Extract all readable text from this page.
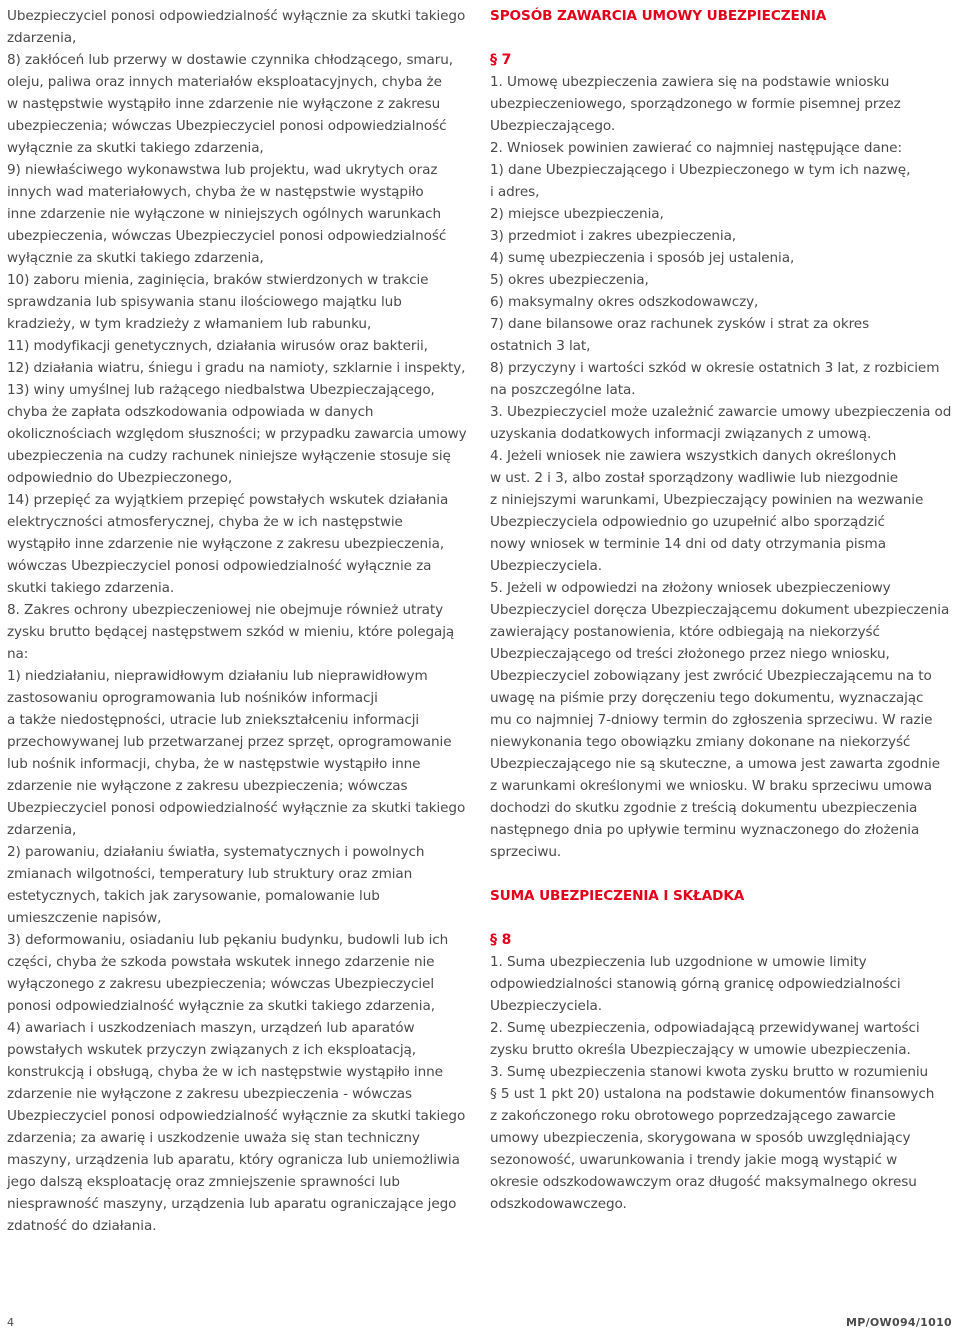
Ubezpieczyciel ponosi odpowiedzialność wyłącznie za skutki takiego

zdarzenia,

8) zakłóceń lub przerwy w dostawie czynnika chłodzącego, smaru,

oleju, paliwa oraz innych materiałów eksploatacyjnych, chyba że

w następstwie wystąpiło inne zdarzenie nie wyłączone z zakresu

ubezpieczenia; wówczas Ubezpieczyciel ponosi odpowiedzialność

wyłącznie za skutki takiego zdarzenia,

9) niewłaściwego wykonawstwa lub projektu, wad ukrytych oraz

innych wad materiałowych, chyba że w następstwie wystąpiło

inne zdarzenie nie wyłączone w niniejszych ogólnych warunkach

ubezpieczenia, wówczas Ubezpieczyciel ponosi odpowiedzialność

wyłącznie za skutki takiego zdarzenia,

10) zaboru mienia, zaginięcia, braków stwierdzonych w trakcie

sprawdzania lub spisywania stanu ilościowego majątku lub

kradzieży, w tym kradzieży z włamaniem lub rabunku,

11) modyfikacji genetycznych, działania wirusów oraz bakterii,

12) działania wiatru, śniegu i gradu na namioty, szklarnie i inspekty,

13) winy umyślnej lub rażącego niedbalstwa Ubezpieczającego,

chyba że zapłata odszkodowania odpowiada w danych

okolicznościach względom słuszności; w przypadku zawarcia umowy

ubezpieczenia na cudzy rachunek niniejsze wyłączenie stosuje się

odpowiednio do Ubezpieczonego,

14) przepięć za wyjątkiem przepięć powstałych wskutek działania

elektryczności atmosferycznej, chyba że w ich następstwie

wystąpiło inne zdarzenie nie wyłączone z zakresu ubezpieczenia,

wówczas Ubezpieczyciel ponosi odpowiedzialność wyłącznie za

skutki takiego zdarzenia.

8. Zakres ochrony ubezpieczeniowej nie obejmuje również utraty

zysku brutto będącej następstwem szkód w mieniu, które polegają

na:

1) niedziałaniu, nieprawidłowym działaniu lub nieprawidłowym

zastosowaniu oprogramowania lub nośników informacji

a także niedostępności, utracie lub zniekształceniu informacji

przechowywanej lub przetwarzanej przez sprzęt, oprogramowanie

lub nośnik informacji, chyba, że w następstwie wystąpiło inne

zdarzenie nie wyłączone z zakresu ubezpieczenia; wówczas

Ubezpieczyciel ponosi odpowiedzialność wyłącznie za skutki takiego

zdarzenia,

2) parowaniu, działaniu światła, systematycznych i powolnych

zmianach wilgotności, temperatury lub struktury oraz zmian

estetycznych, takich jak zarysowanie, pomalowanie lub

umieszczenie napisów,

3) deformowaniu, osiadaniu lub pękaniu budynku, budowli lub ich

części, chyba że szkoda powstała wskutek innego zdarzenie nie

wyłączonego z zakresu ubezpieczenia; wówczas Ubezpieczyciel

ponosi odpowiedzialność wyłącznie za skutki takiego zdarzenia,

4) awariach i uszkodzeniach maszyn, urządzeń lub aparatów

powstałych wskutek przyczyn związanych z ich eksploatacją,

konstrukcją i obsługą, chyba że w ich następstwie wystąpiło inne

zdarzenie nie wyłączone z zakresu ubezpieczenia - wówczas

Ubezpieczyciel ponosi odpowiedzialność wyłącznie za skutki takiego

zdarzenia; za awarię i uszkodzenie uważa się stan techniczny

maszyny, urządzenia lub aparatu, który ogranicza lub uniemożliwia

jego dalszą eksploatację oraz zmniejszenie sprawności lub

niesprawność maszyny, urządzenia lub aparatu ograniczające jego

zdatność do działania.

SPOSÓB ZAWARCIA UMOWY UBEZPIECZENIA

§ 7

1. Umowę ubezpieczenia zawiera się na podstawie wniosku

ubezpieczeniowego, sporządzonego w formie pisemnej przez

Ubezpieczającego.

2. Wniosek powinien zawierać co najmniej następujące dane:

1) dane Ubezpieczającego i Ubezpieczonego w tym ich nazwę,

i adres,

2) miejsce ubezpieczenia,

3) przedmiot i zakres ubezpieczenia,

4) sumę ubezpieczenia i sposób jej ustalenia,

5) okres ubezpieczenia,

6) maksymalny okres odszkodowawczy,

7) dane bilansowe oraz rachunek zysków i strat za okres

ostatnich 3 lat,

8) przyczyny i wartości szkód w okresie ostatnich 3 lat, z rozbiciem

na poszczególne lata.

3. Ubezpieczyciel może uzależnić zawarcie umowy ubezpieczenia od

uzyskania dodatkowych informacji związanych z umową.

4. Jeżeli wniosek nie zawiera wszystkich danych określonych

w ust. 2 i 3, albo został sporządzony wadliwie lub niezgodnie

z niniejszymi warunkami, Ubezpieczający powinien na wezwanie

Ubezpieczyciela odpowiednio go uzupełnić albo sporządzić

nowy wniosek w terminie 14 dni od daty otrzymania pisma

Ubezpieczyciela.

5. Jeżeli w odpowiedzi na złożony wniosek ubezpieczeniowy

Ubezpieczyciel doręcza Ubezpieczającemu dokument ubezpieczenia

zawierający postanowienia, które odbiegają na niekorzyść

Ubezpieczającego od treści złożonego przez niego wniosku,

Ubezpieczyciel zobowiązany jest zwrócić Ubezpieczającemu na to

uwagę na piśmie przy doręczeniu tego dokumentu, wyznaczając

mu co najmniej 7-dniowy termin do zgłoszenia sprzeciwu. W razie

niewykonania tego obowiązku zmiany dokonane na niekorzyść

Ubezpieczającego nie są skuteczne, a umowa jest zawarta zgodnie

z warunkami określonymi we wniosku. W braku sprzeciwu umowa

dochodzi do skutku zgodnie z treścią dokumentu ubezpieczenia

następnego dnia po upływie terminu wyznaczonego do złożenia

sprzeciwu.

SUMA UBEZPIECZENIA I SKŁADKA

§ 8

1. Suma ubezpieczenia lub uzgodnione w umowie limity

odpowiedzialności stanowią górną granicę odpowiedzialności

Ubezpieczyciela.

2. Sumę ubezpieczenia, odpowiadającą przewidywanej wartości

zysku brutto określa Ubezpieczający w umowie ubezpieczenia.

3. Sumę ubezpieczenia stanowi kwota zysku brutto w rozumieniu

§ 5 ust 1 pkt 20) ustalona na podstawie dokumentów finansowych

z zakończonego roku obrotowego poprzedzającego zawarcie

umowy ubezpieczenia, skorygowana w sposób uwzględniający

sezonowość, uwarunkowania i trendy jakie mogą wystąpić w

okresie odszkodowawczym oraz długość maksymalnego okresu

odszkodowawczego.

4	MP/OW094/1010
